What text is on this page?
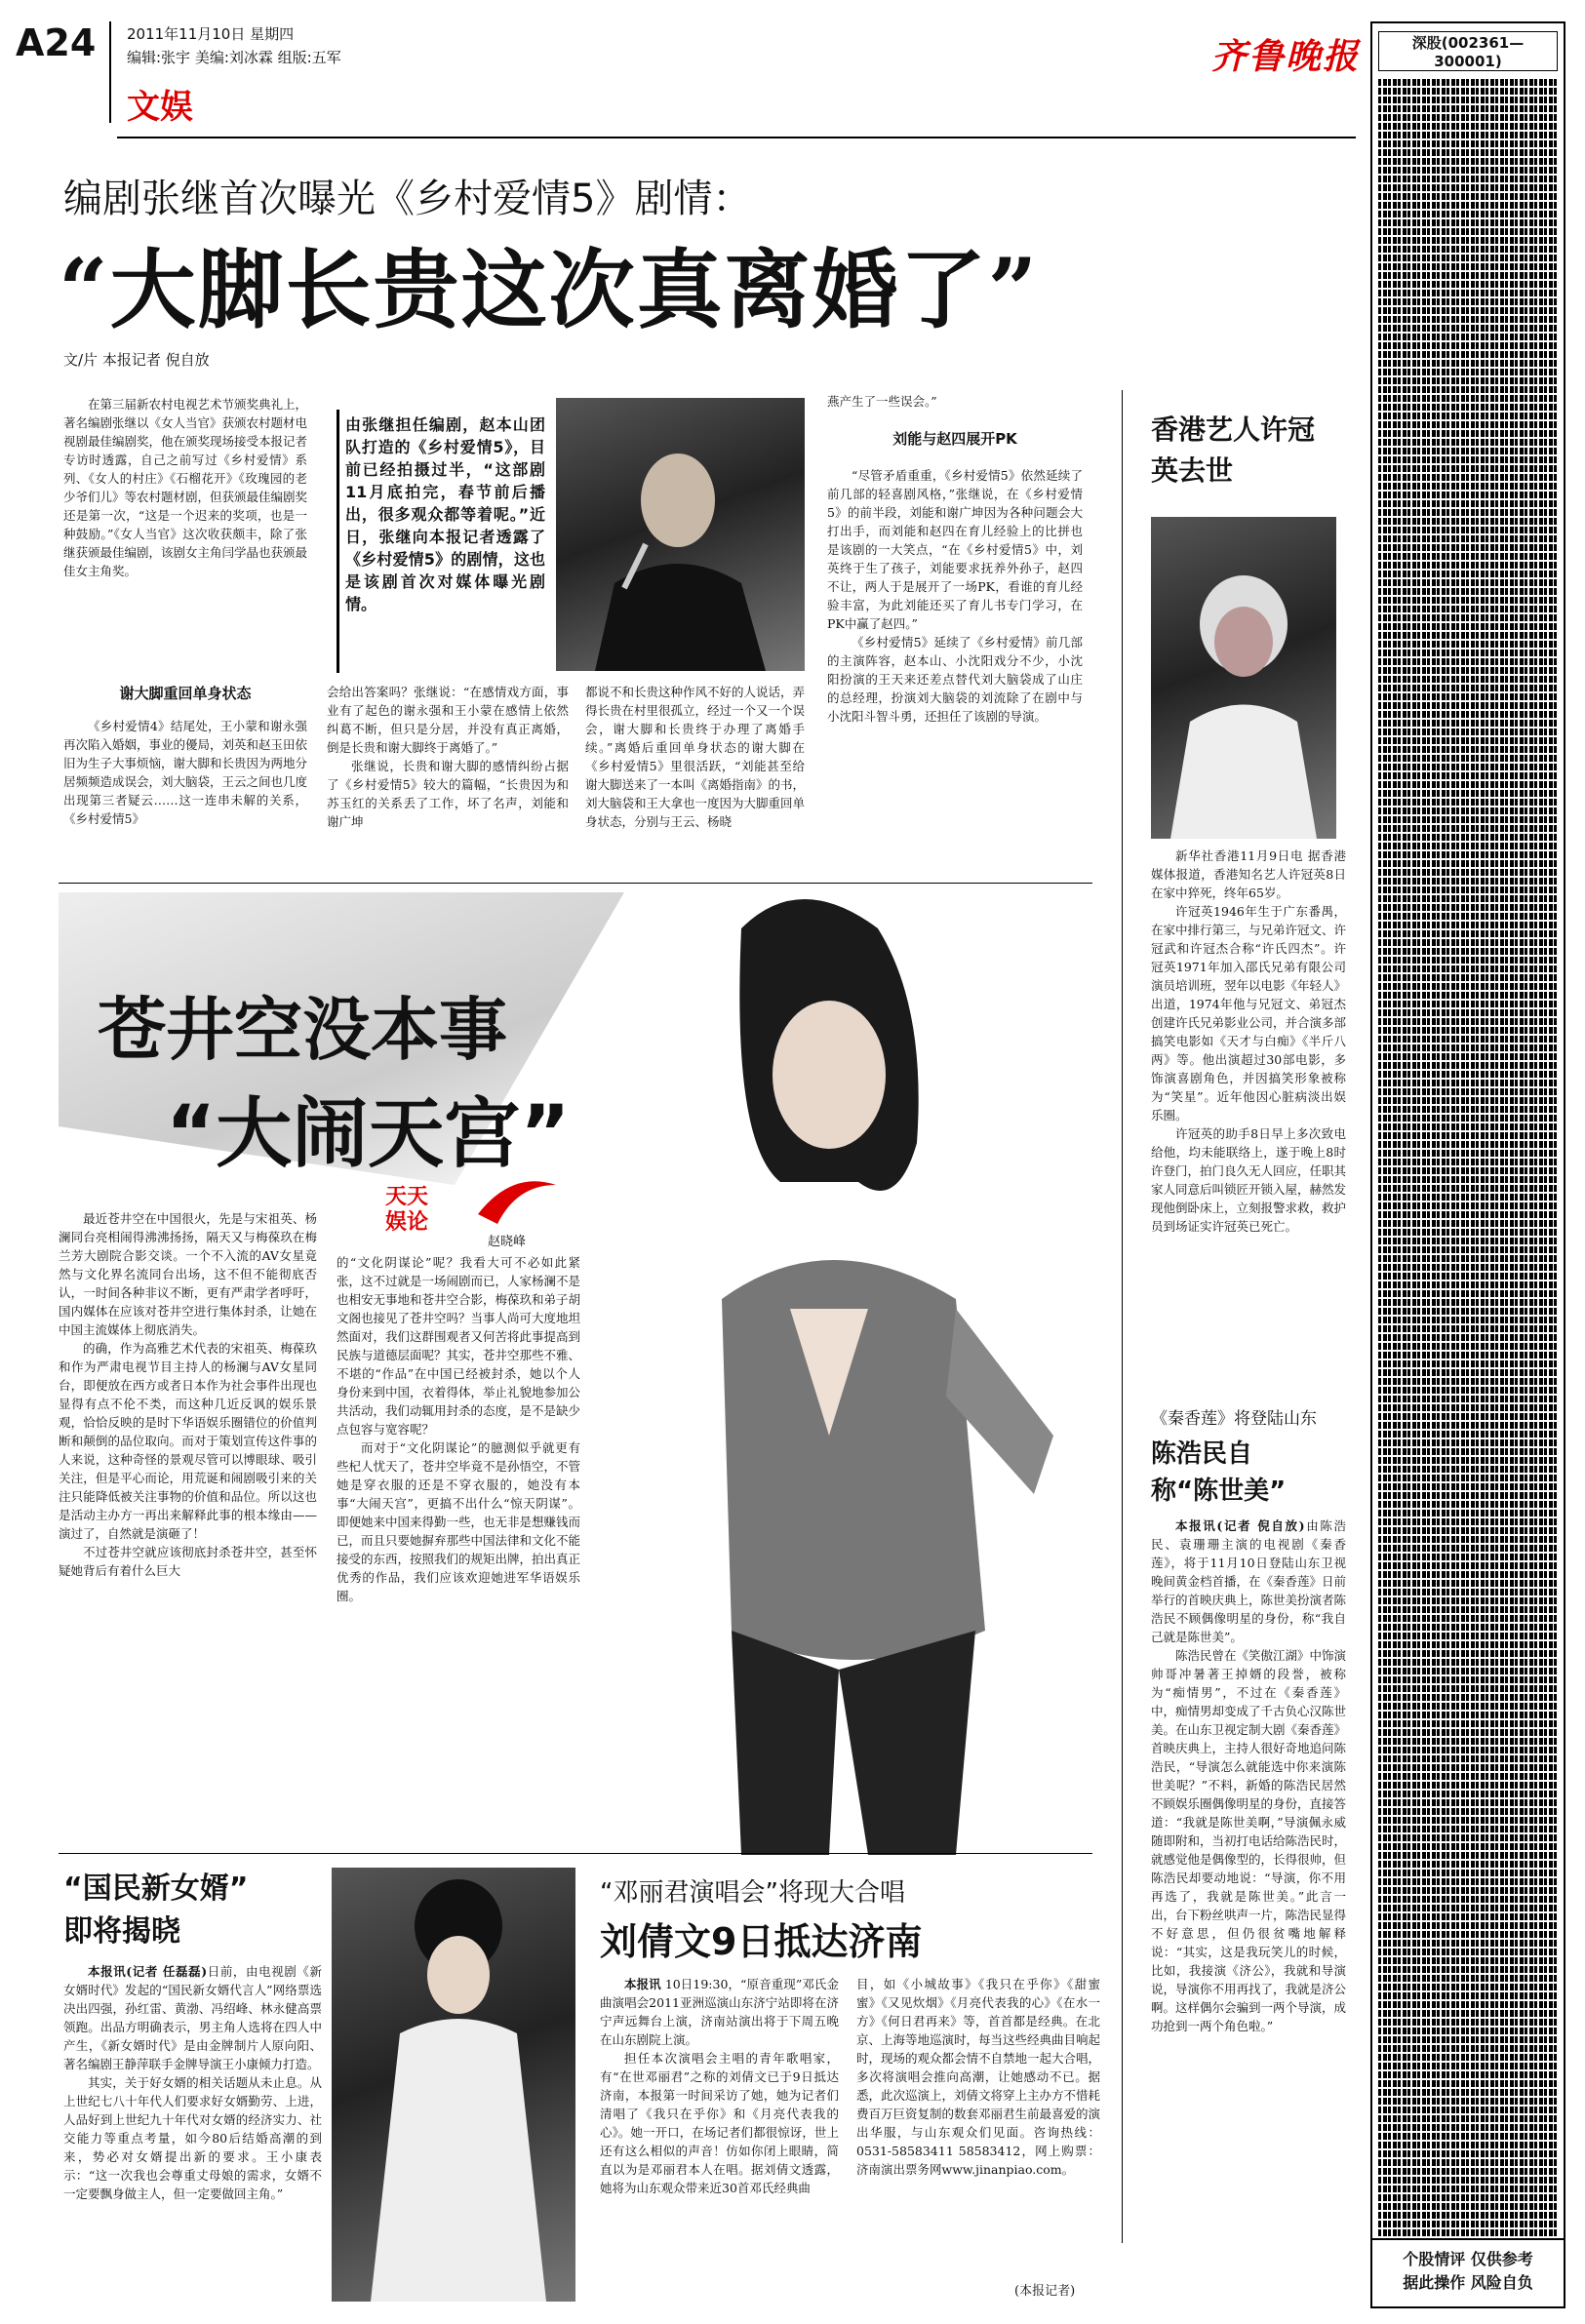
A24 2011年11月10日 星期四
编辑:张宇 美编:刘冰霖 组版:五军
文娱
齐鲁晚报
编剧张继首次曝光《乡村爱情5》剧情：
“大脚长贵这次真离婚了”
文/片 本报记者 倪自放

在第三届新农村电视艺术节颁奖典礼上，著名编剧张继以《女人当官》获颁农村题材电视剧最佳编剧奖，他在颁奖现场接受本报记者专访时透露，自己之前写过《乡村爱情》系列、《女人的村庄》《石榴花开》《玫瑰园的老少爷们儿》等农村题材剧，但获颁最佳编剧奖还是第一次，“这是一个迟来的奖项，也是一种鼓励。”《女人当官》这次收获颇丰，除了张继获颁最佳编剧，该剧女主角闫学晶也获颁最佳女主角奖。

由张继担任编剧，赵本山团队打造的《乡村爱情5》，目前已经拍摄过半，“这部剧11月底拍完，春节前后播出，很多观众都等着呢。”近日，张继向本报记者透露了《乡村爱情5》的剧情，这也是该剧首次对媒体曝光剧情。
谢大脚重回单身状态

《乡村爱情4》结尾处，王小蒙和谢永强再次陷入婚姻，事业的優局，刘英和赵玉田依旧为生子大事烦恼，谢大脚和长贵因为两地分居频频造成误会，刘大脑袋，王云之间也几度出现第三者疑云……这一连串未解的关系，《乡村爱情5》

会给出答案吗？张继说：“在感情戏方面，事业有了起色的谢永强和王小蒙在感情上依然纠葛不断，但只是分居，并没有真正离婚，倒是长贵和谢大脚终于离婚了。”

张继说，长贵和谢大脚的感情纠纷占据了《乡村爱情5》较大的篇幅，“长贵因为和苏玉红的关系丢了工作，坏了名声，刘能和谢广坤

都说不和长贵这种作风不好的人说话，弄得长贵在村里很孤立，经过一个又一个误会，谢大脚和长贵终于办理了离婚手续。”离婚后重回单身状态的谢大脚在《乡村爱情5》里很活跃，“刘能甚至给谢大脚送来了一本叫《离婚指南》的书，刘大脑袋和王大拿也一度因为大脚重回单身状态，分别与王云、杨晓

燕产生了一些误会。”

刘能与赵四展开PK

“尽管矛盾重重，《乡村爱情5》依然延续了前几部的轻喜剧风格，”张继说，在《乡村爱情5》的前半段，刘能和谢广坤因为各种问题会大打出手，而刘能和赵四在育儿经验上的比拼也是该剧的一大笑点，“在《乡村爱情5》中，刘英终于生了孩子，刘能要求抚养外孙子，赵四不让，两人于是展开了一场PK，看谁的育儿经验丰富，为此刘能还买了育儿书专门学习，在PK中赢了赵四。”

《乡村爱情5》延续了《乡村爱情》前几部的主演阵容，赵本山、小沈阳戏分不少，小沈阳扮演的王天来还差点替代刘大脑袋成了山庄的总经理，扮演刘大脑袋的刘流除了在剧中与小沈阳斗智斗勇，还担任了该剧的导演。

香港艺人许冠英去世

新华社香港11月9日电 据香港媒体报道，香港知名艺人许冠英8日在家中猝死，终年65岁。

许冠英1946年生于广东番禺，在家中排行第三，与兄弟许冠文、许冠武和许冠杰合称“许氏四杰”。许冠英1971年加入邵氏兄弟有限公司演员培训班，翌年以电影《年轻人》出道，1974年他与兄冠文、弟冠杰创建许氏兄弟影业公司，并合演多部搞笑电影如《天才与白痴》《半斤八两》等。他出演超过30部电影，多饰演喜剧角色，并因搞笑形象被称为“笑星”。近年他因心脏病淡出娱乐圈。

许冠英的助手8日早上多次致电给他，均未能联络上，遂于晚上8时许登门，拍门良久无人回应，任职其家人同意后叫锁匠开锁入屋，赫然发现他倒卧床上，立刻报警求救，救护员到场证实许冠英已死亡。

《秦香莲》将登陆山东
陈浩民自称“陈世美”

本报讯(记者 倪自放)由陈浩民、袁珊珊主演的电视剧《秦香莲》，将于11月10日登陆山东卫视晚间黄金档首播，在《秦香莲》日前举行的首映庆典上，陈世美扮演者陈浩民不顾偶像明星的身份，称“我自己就是陈世美”。

陈浩民曾在《笑傲江湖》中饰演帅哥冲暑著王掉婿的段誉，被称为“痴情男”，不过在《秦香莲》中，痴情男却变成了千古负心汉陈世美。在山东卫视定制大剧《秦香莲》首映庆典上，主持人很好奇地追问陈浩民，“导演怎么就能选中你来演陈世美呢？”不料，新婚的陈浩民居然不顾娱乐圈偶像明星的身份，直接答道：“我就是陈世美啊，”导演佩永威随即附和，当初打电话给陈浩民时，就感觉他是偶像型的，长得很帅，但陈浩民却要动地说：“导演，你不用再选了，我就是陈世美。”此言一出，台下粉丝哄声一片，陈浩民显得不好意思，但仍很贫嘴地解释说：“其实，这是我玩笑儿的时候，比如，我接演《济公》，我就和导演说，导演你不用再找了，我就是济公啊。这样偶尔会骗到一两个导演，成功抢到一两个角色啦。”

深股(002361—300001)
个股情评 仅供参考
据此操作 风险自负
苍井空没本事
“大闹天宫”
天天
娱论
赵晓峰

最近苍井空在中国很火，先是与宋祖英、杨澜同台亮相闹得沸沸扬扬，隔天又与梅葆玖在梅兰芳大剧院合影交谈。一个不入流的AV女星竟然与文化界名流同台出场，这不但不能彻底否认，一时间各种非议不断，更有严肃学者呼吁，国内媒体在应该对苍井空进行集体封杀，让她在中国主流媒体上彻底消失。

的确，作为高雅艺术代表的宋祖英、梅葆玖和作为严肃电视节目主持人的杨澜与AV女星同台，即便放在西方或者日本作为社会事件出现也显得有点不伦不类，而这种几近反讽的娱乐景观，恰恰反映的是时下华语娱乐圈错位的价值判断和颠倒的品位取向。而对于策划宣传这件事的人来说，这种奇怪的景观尽管可以博眼球、吸引关注，但是平心而论，用荒诞和闹剧吸引来的关注只能降低被关注事物的价值和品位。所以这也是活动主办方一再出来解释此事的根本缘由——演过了，自然就是演砸了！

不过苍井空就应该彻底封杀苍井空，甚至怀疑她背后有着什么巨大

的“文化阴谋论”呢？我看大可不必如此紧张，这不过就是一场闹剧而已，人家杨澜不是也相安无事地和苍井空合影，梅葆玖和弟子胡文阁也接见了苍井空吗？当事人尚可大度地坦然面对，我们这群围观者又何苦将此事提高到民族与道德层面呢？其实，苍井空那些不雅、不堪的“作品”在中国已经被封杀，她以个人身份来到中国，衣着得体，举止礼貌地参加公共活动，我们动辄用封杀的态度，是不是缺少点包容与宽容呢？

而对于“文化阴谋论”的臆测似乎就更有些杞人忧天了，苍井空毕竟不是孙悟空，不管她是穿衣服的还是不穿衣服的，她没有本事“大闹天宫”，更搞不出什么“惊天阴谋”。即便她来中国来得勤一些，也无非是想赚钱而已，而且只要她摒弃那些中国法律和文化不能接受的东西，按照我们的规矩出牌，拍出真正优秀的作品，我们应该欢迎她进军华语娱乐圈。

“国民新女婿”
即将揭晓

本报讯(记者 任磊磊)日前，由电视剧《新女婿时代》发起的“国民新女婿代言人”网络票选决出四强，孙红雷、黄渤、冯绍峰、林永健高票领跑。出品方明确表示，男主角人选将在四人中产生，《新女婿时代》是由金牌制片人原向阳、著名编剧王静萍联手金牌导演王小康倾力打造。

其实，关于好女婿的相关话题从未止息。从上世纪七八十年代人们要求好女婿勤劳、上进，人品好到上世纪九十年代对女婿的经济实力、社交能力等重点考量，如今80后结婚高潮的到来，势必对女婿提出新的要求。王小康表示：“这一次我也会尊重丈母娘的需求，女婿不一定要飘身做主人，但一定要做回主角。”

“邓丽君演唱会”将现大合唱
刘倩文9日抵达济南

本报讯 10日19:30，“原音重现”邓氏金曲演唱会2011亚洲巡演山东济宁站即将在济宁声远舞台上演，济南站演出将于下周五晚在山东剧院上演。

担任本次演唱会主唱的青年歌唱家，有“在世邓丽君”之称的刘倩文已于9日抵达济南，本报第一时间采访了她，她为记者们清唱了《我只在乎你》和《月亮代表我的心》。她一开口，在场记者们都很惊讶，世上还有这么相似的声音！仿如你闭上眼睛，简直以为是邓丽君本人在唱。据刘倩文透露，她将为山东观众带来近30首邓氏经典曲

目，如《小城故事》《我只在乎你》《甜蜜蜜》《又见炊烟》《月亮代表我的心》《在水一方》《何日君再来》等，首首都是经典。在北京、上海等地巡演时，每当这些经典曲目响起时，现场的观众都会情不自禁地一起大合唱，多次将演唱会推向高潮，让她感动不已。据悉，此次巡演上，刘倩文将穿上主办方不惜耗费百万巨资复制的数套邓丽君生前最喜爱的演出华服，与山东观众们见面。咨询热线：0531-58583411 58583412，网上购票：济南演出票务网www.jinanpiao.com。

(本报记者)
